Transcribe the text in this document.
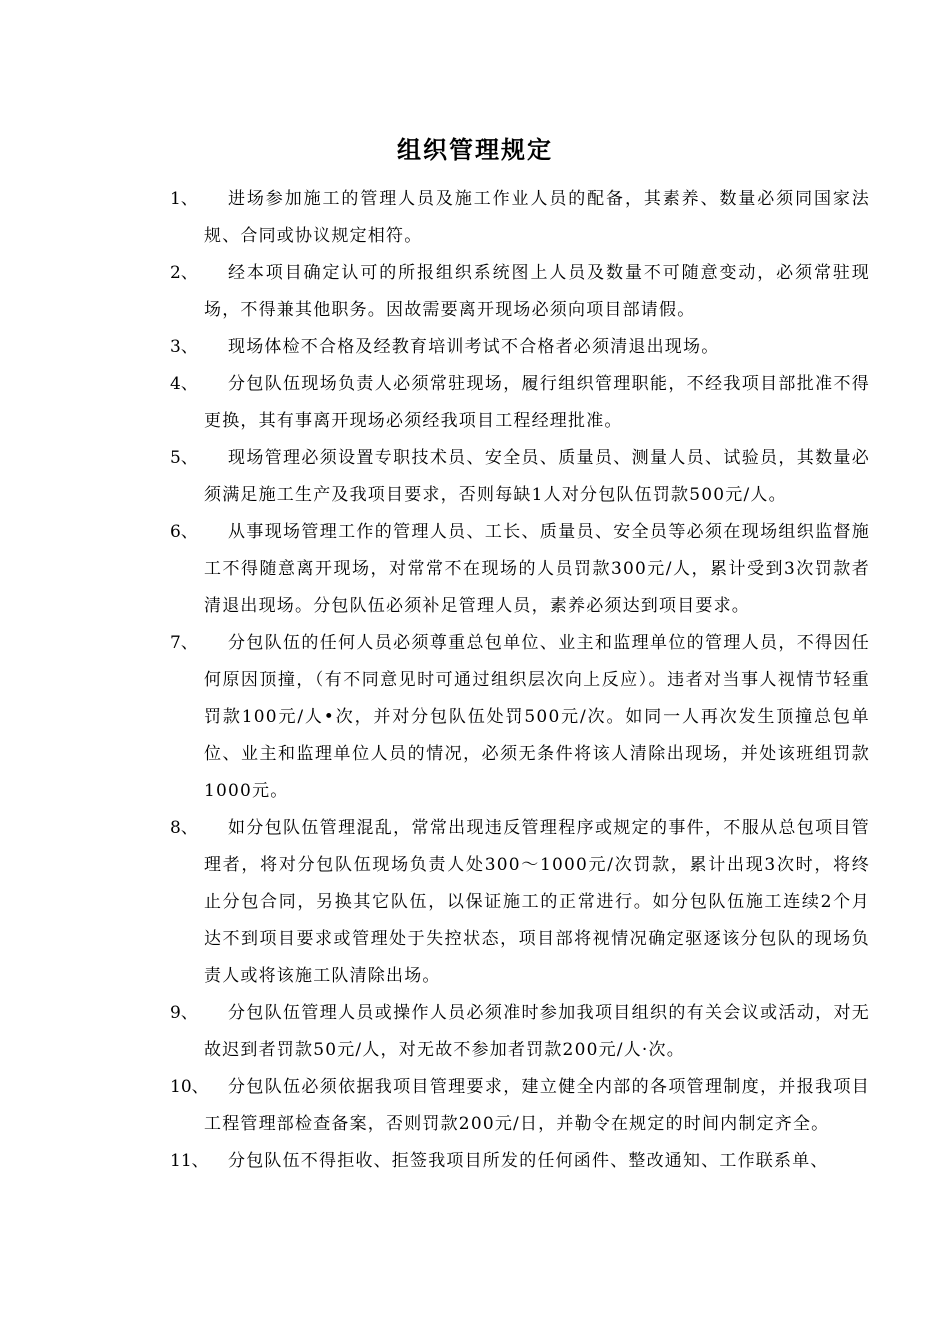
组织管理规定
1、	进场参加施工的管理人员及施工作业人员的配备，其素养、数量必须同国家法规、合同或协议规定相符。
2、	经本项目确定认可的所报组织系统图上人员及数量不可随意变动，必须常驻现场，不得兼其他职务。因故需要离开现场必须向项目部请假。
3、	现场体检不合格及经教育培训考试不合格者必须清退出现场。
4、	分包队伍现场负责人必须常驻现场，履行组织管理职能，不经我项目部批准不得更换，其有事离开现场必须经我项目工程经理批准。
5、	现场管理必须设置专职技术员、安全员、质量员、测量人员、试验员，其数量必须满足施工生产及我项目要求，否则每缺1人对分包队伍罚款500元/人。
6、	从事现场管理工作的管理人员、工长、质量员、安全员等必须在现场组织监督施工不得随意离开现场，对常常不在现场的人员罚款300元/人，累计受到3次罚款者清退出现场。分包队伍必须补足管理人员，素养必须达到项目要求。
7、	分包队伍的任何人员必须尊重总包单位、业主和监理单位的管理人员，不得因任何原因顶撞，（有不同意见时可通过组织层次向上反应）。违者对当事人视情节轻重罚款100元/人•次，并对分包队伍处罚500元/次。如同一人再次发生顶撞总包单位、业主和监理单位人员的情况，必须无条件将该人清除出现场，并处该班组罚款1000元。
8、	如分包队伍管理混乱，常常出现违反管理程序或规定的事件，不服从总包项目管理者，将对分包队伍现场负责人处300～1000元/次罚款，累计出现3次时，将终止分包合同，另换其它队伍，以保证施工的正常进行。如分包队伍施工连续2个月达不到项目要求或管理处于失控状态，项目部将视情况确定驱逐该分包队的现场负责人或将该施工队清除出场。
9、	分包队伍管理人员或操作人员必须准时参加我项目组织的有关会议或活动，对无故迟到者罚款50元/人，对无故不参加者罚款200元/人·次。
10、	分包队伍必须依据我项目管理要求，建立健全内部的各项管理制度，并报我项目工程管理部检查备案，否则罚款200元/日，并勒令在规定的时间内制定齐全。
11、	分包队伍不得拒收、拒签我项目所发的任何函件、整改通知、工作联系单、
